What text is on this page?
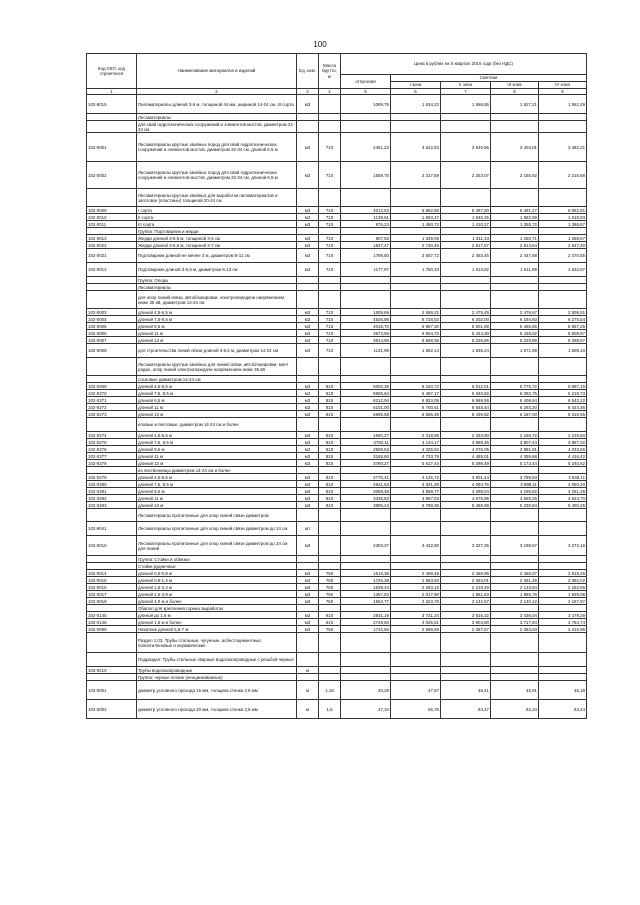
100
Код СКП, код строеплеся	Наименование материалов и изделий	Ед. изм.	Масса брутто, кг	Цена в рублях на II квартал 2016 года (без НДС)				
				отпускная	Сметная			
					I зона	II зона	III зона	IV зона

1	2	3	4	5	6	7	8	9
102-8015	Пиломатериалы длиной 3-6 м, толщиной 44 мм, шириной 14-24 см, III сорта	м3		1099,75	1 634,22	1 568,65	1 527,21	1 562,29
	Лесоматериалы							
	для свай гидротехнических сооружений и элементов мостов, диаметром 22-34 см							
102-0001	Лесоматериалы круглые хвойных пород для свай гидротехнических сооружений и элементов мостов, диаметром 22-34 см, длиной 6,5 м	м3	710	2451,23	3 642,53	3 540,96	3 404,01	3 482,21
102-0002	Лесоматериалы круглые хвойных пород для свай гидротехнических сооружений и элементов мостов, диаметром 22-34 см, длиной 6,5 м	м3	710	1559,70	2 317,69	2 253,07	2 165,92	2 215,68
	Лесоматериалы круглые хвойных для выработки пиломатериалов и заготовок (пластины) толщиной 20-24 см							
102-0009	I сорта	м3	710	4012,53	5 962,56	5 497,60	6 491,27	5 562,81
102-0010	II сорта	м3	710	1139,61	1 693,47	1 646,25	1 582,59	1 618,93
102-0011	III сорта	м3	710	976,24	1 450,72	1 410,27	1 355,72	1 386,87
	Группа: Подтоварник и жерди							
102-0013	Жерди длиной 3-6,5 м, толщиной 3-5 см	м3	710	907,83	1 349,05	1 311,43	1 260,71	1 289,67
102-0022	Жерди длиной 3-6,5 м, толщиной 3-7 см	м3	710	1837,47	2 730,46	2 517,57	2 514,64	2 547,40
102-0021	Подтоварник длиной не менее 3 м, диаметром 8-11 см	м3	710	1789,50	2 657,72	2 483,45	2 447,68	2 470,55
102-0012	Подтоварник длиной 3-6,5 м, диаметром 6-13 см	м3	710	1177,87	1 750,33	1 613,82	1 611,99	1 632,97
	Группа: Опоры							
	Лесоматериалы							
	для опор линий связи, автоблокировки, электропередачи напряжением ниже 35 кВ, диаметром 14-24 см							
102-0003	длиной 4,5-6,5 м	м3	710	1809,69	2 689,21	2 479,49	2 476,67	2 508,91
102-0004	длиной 7,5-9,5 м	м3	710	4626,98	6 728,53	6 202,00	6 194,93	6 275,54
102-0005	длиной 9,5 м	м3	710	4015,70	5 967,30	5 501,98	5 495,65	5 567,25
102-0006	длиной 11 м	м3	710	3973,59	5 904,72	5 444,30	5 438,02	5 508,87
102-0007	длиной 13 м	м3	710	3814,55	5 668,36	5 226,86	5 220,89	5 288,87
102-0008	для строительства линий связи длиной 3-6,5 м, диаметром 14-24 см	м3	710	1131,99	1 682,14	1 635,24	1 571,99	1 608,10
	Лесоматериалы круглые хвойных для линий связи, автоблокировки, мачт радио, опор линий электропередачи напряжением ниже 35 кВ							
	сосновые диаметром 14-24 см							
102-0269	длиной 4,5-5,5 м	м3	810	5000,38	6 150,72	6 012,01	5 775,72	5 897,19
102-0270	длиной 7,5, 8,5 м	м3	810	5906,64	6 487,17	6 340,82	6 092,75	6 219,73
102-0271	длиной 9,5 м	м3	810	6212,94	6 823,05	6 669,59	6 408,64	6 542,22
102-0272	длиной 11 м	м3	810	6101,00	6 700,61	6 548,44	6 293,20	6 424,36
102-0273	длиной 13 м	м3	810	5995,58	6 586,49	6 439,82	6 187,00	6 316,65
	еловые и пихтовые, диаметром 14-24 см и более							
102-0274	длиной 4,5-6,5 м	м3	810	1660,27	2 318,85	2 253,90	2 166,72	2 216,50
102-0275	длиной 7,5, 8,5 м	м3	810	2782,11	4 134,17	3 989,45	3 807,44	3 857,02
102-0276	длиной 9,5 м	м3	810	2909,53	4 325,52	4 076,05	3 981,81	4 033,66
102-0277	длиной 11 м	м3	810	3185,60	4 733,78	4 485,01	4 359,68	4 416,42
102-0278	длиной 13 м	м3	810	3780,27	5 617,44	5 298,49	5 173,44	5 240,62
	из лиственницы диаметром 14-24 см и более							
102-0279	длиной 4,5-6,5 м	м3	810	2776,41	4 125,72	3 801,44	3 799,63	3 849,11
102-0280	длиной 7,5, 8,5 м	м3	810	2921,63	4 341,25	4 094,76	3 998,11	4 050,20
102-0281	длиной 9,5 м	м3	810	3068,48	4 559,77	4 298,04	4 196,62	4 251,28
102-0282	длиной 11 м	м3	810	3335,83	4 957,03	4 675,96	4 565,25	4 624,70
102-0283	длиной 13 м	м3	810	3895,24	5 788,35	5 459,98	5 330,84	5 400,25
	Лесоматериалы пропитанные для опор линий связи диаметром							
102-9041	Лесоматериалы пропитанные для опор линий связи диаметром до 24 см	шт						
102-0016	Лесоматериалы пропитанные для опор линий связи диаметром до 24 см для линий	м3		2303,37	3 422,80	3 327,36	3 198,67	3 272,16
	Группа: Стойки и обвязки							
	Стойки рудничные							
102-0014	длиной 0,5-0,8 м	м3	750	1616,38	2 499,45	2 468,95	2 466,07	2 518,45
102-0015	длиной 0,9-1,4 м	м3	750	1725,38	2 563,93	2 364,01	2 361,29	2 392,02
102-0016	длиной 1,5-2,4 м	м3	750	1539,44	2 283,15	2 219,49	2 133,64	2 182,66
102-0017	длиной 2,5-3,9 м	м3	750	1357,93	2 017,90	1 961,63	1 885,76	1 929,08
102-0018	длиной 4,0 м и более	м3	750	1563,77	2 323,76	2 142,57	2 140,12	2 167,97
	Обапол для крепления горных выработок							
102-0145	длиной до 1,6 м	м3	610	2541,19	3 721,24	3 516,32	3 436,04	3 479,29
102-0146	длиной 1,6 м и более	м3	610	2749,60	4 026,51	3 804,80	3 717,94	3 764,74
102-0099	Накатник длиной 5,5-7 м	м3	750	1742,66	2 589,59	2 387,67	2 384,93	2 415,96
	Раздел 1.03. Трубы стальные, чугунные, асбестоцементные, полиэтиленовые и керамические							
	Подраздел: Трубы стальные сварные водогазопроводные с резьбой черные							
103-9210	Трубы водогазопроводные	м						
	Группа: черные легкие (неоцинкованные)							
103-0001	диаметр условного прохода 15 мм, толщина стенки 2,5 мм	м	1,16	40,29	47,67	46,41	45,91	46,18
103-0002	диаметр условного прохода 20 мм, толщина стенки 2,5 мм	м	1,5	47,10	55,76	54,47	52,34	53,44
